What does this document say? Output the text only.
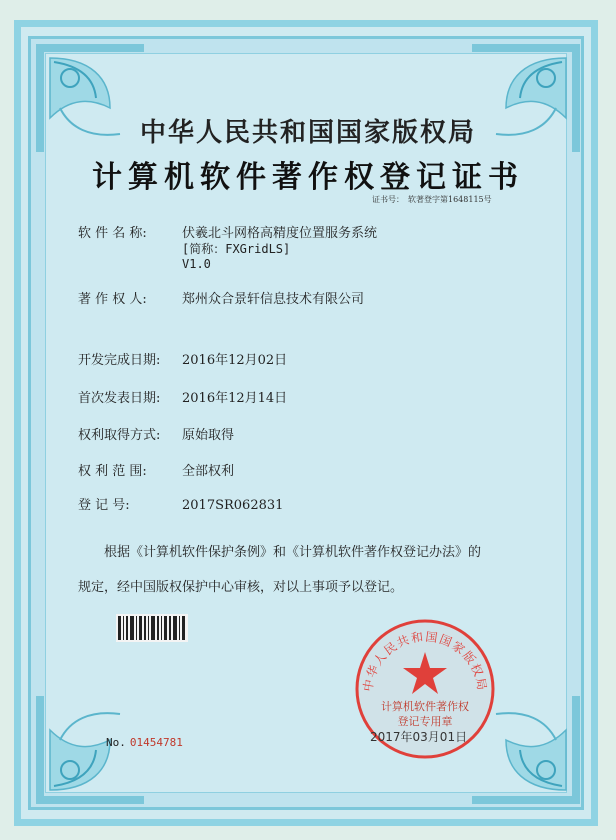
中华人民共和国国家版权局
计算机软件著作权登记证书
证书号： 软著登字第1648115号
软 件 名 称:	伏羲北斗网格高精度位置服务系统
[简称：FXGridLS]
V1.0
著 作 权 人:	郑州众合景轩信息技术有限公司
开发完成日期: 2016年12月02日
首次发表日期: 2016年12月14日
权利取得方式: 原始取得
权 利 范 围:	全部权利
登 记 号:	2017SR062831
根据《计算机软件保护条例》和《计算机软件著作权登记办法》的
规定，经中国版权保护中心审核，对以上事项予以登记。
No. 01454781
中华人民共和国国家版权局
计算机软件著作权
登记专用章
2017年03月01日
